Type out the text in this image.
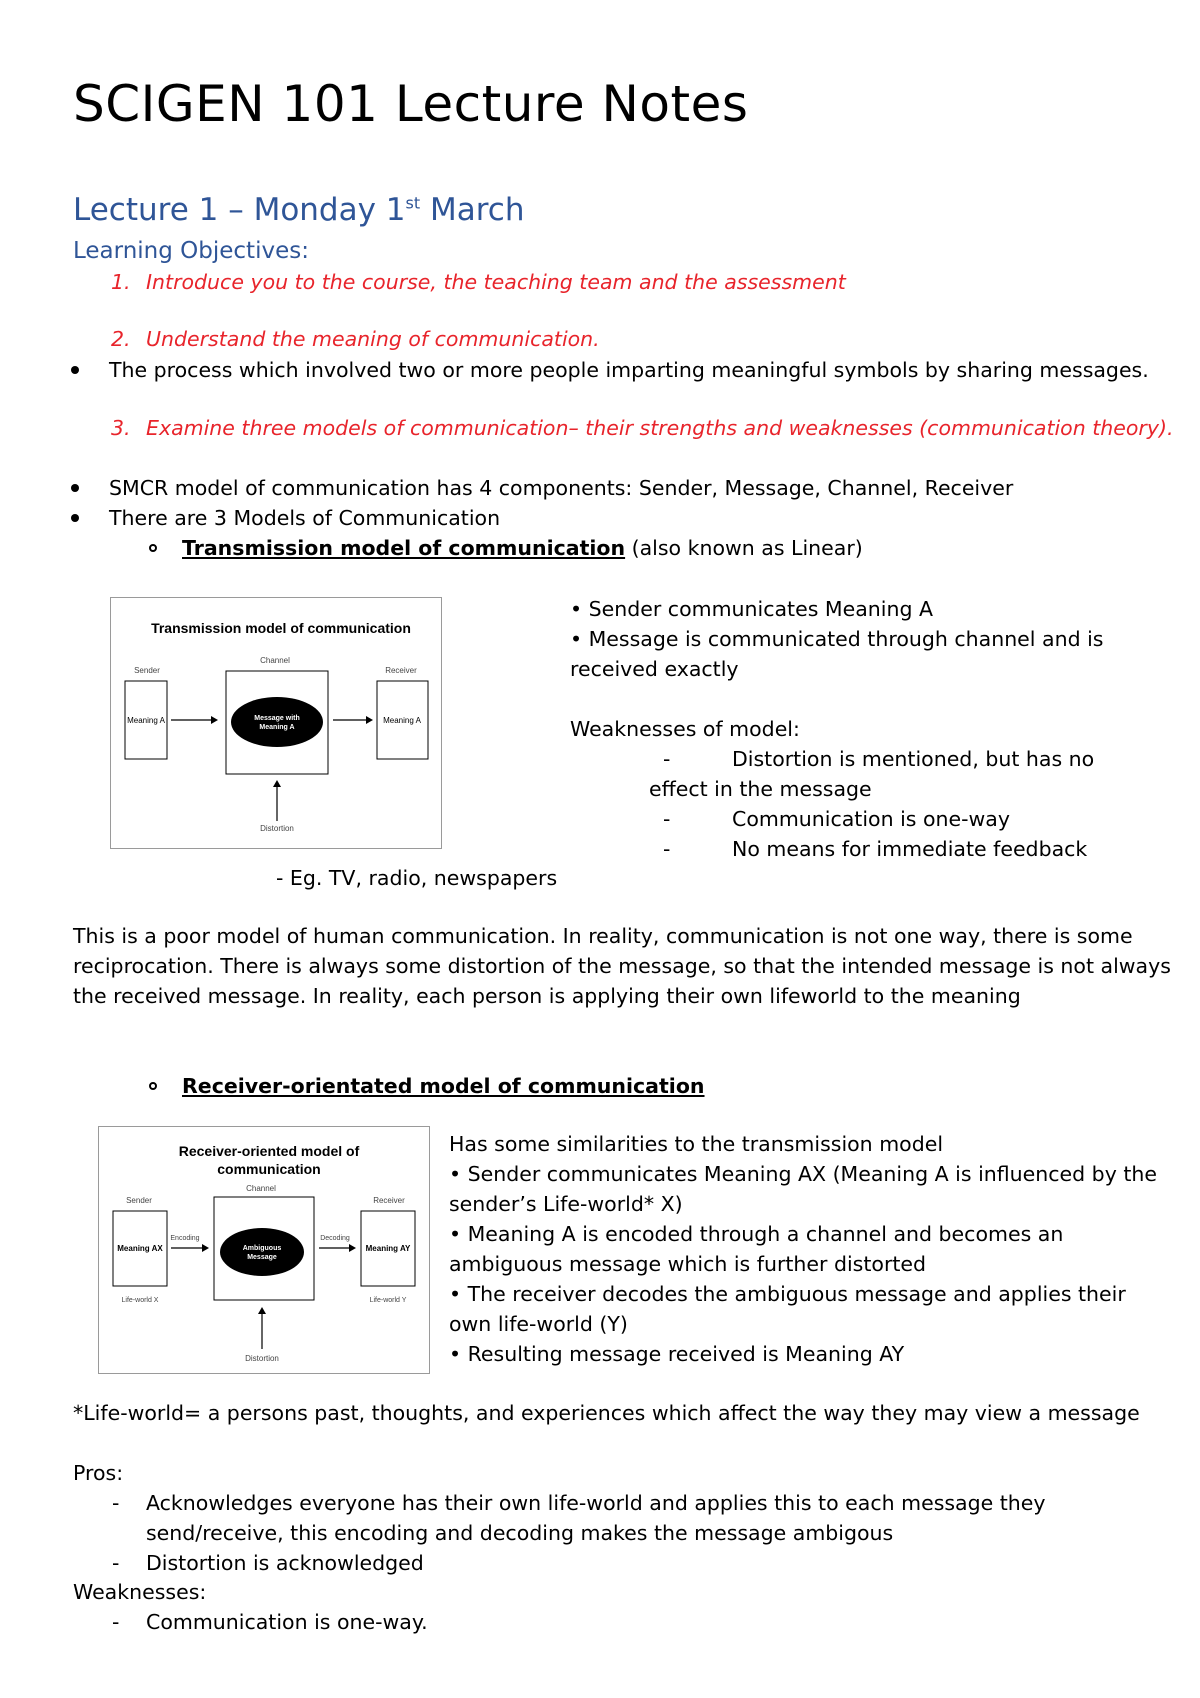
SCIGEN 101 Lecture Notes
Lecture 1 – Monday 1st March
Learning Objectives:
1. Introduce you to the course, the teaching team and the assessment
2. Understand the meaning of communication.
The process which involved two or more people imparting meaningful symbols by sharing messages.
3. Examine three models of communication– their strengths and weaknesses (communication theory).
SMCR model of communication has 4 components: Sender, Message, Channel, Receiver
There are 3 Models of Communication
Transmission model of communication (also known as Linear)
Transmission model of communication
Channel
Sender	Receiver
Meaning A	Message with
Meaning A
Meaning A
Distortion
• Sender communicates Meaning A
• Message is communicated through channel and is
received exactly
Weaknesses of model:
-	Distortion is mentioned, but has no
effect in the message
-	Communication is one-way
-	No means for immediate feedback
- Eg. TV, radio, newspapers
This is a poor model of human communication. In reality, communication is not one way, there is some
reciprocation. There is always some distortion of the message, so that the intended message is not always
the received message. In reality, each person is applying their own lifeworld to the meaning
Receiver-orientated model of communication
Receiver-oriented model of
communication
Channel
Sender	Receiver
Meaning AX
Encoding
Ambiguous
Message
Decoding
Meaning AY
Life-world X	Life-world Y
Distortion
Has some similarities to the transmission model
• Sender communicates Meaning AX (Meaning A is influenced by the
sender’s Life-world* X)
• Meaning A is encoded through a channel and becomes an
ambiguous message which is further distorted
• The receiver decodes the ambiguous message and applies their
own life-world (Y)
• Resulting message received is Meaning AY
*Life-world= a persons past, thoughts, and experiences which affect the way they may view a message
Pros:
- Acknowledges everyone has their own life-world and applies this to each message they
send/receive, this encoding and decoding makes the message ambigous
- Distortion is acknowledged
Weaknesses:
- Communication is one-way.
